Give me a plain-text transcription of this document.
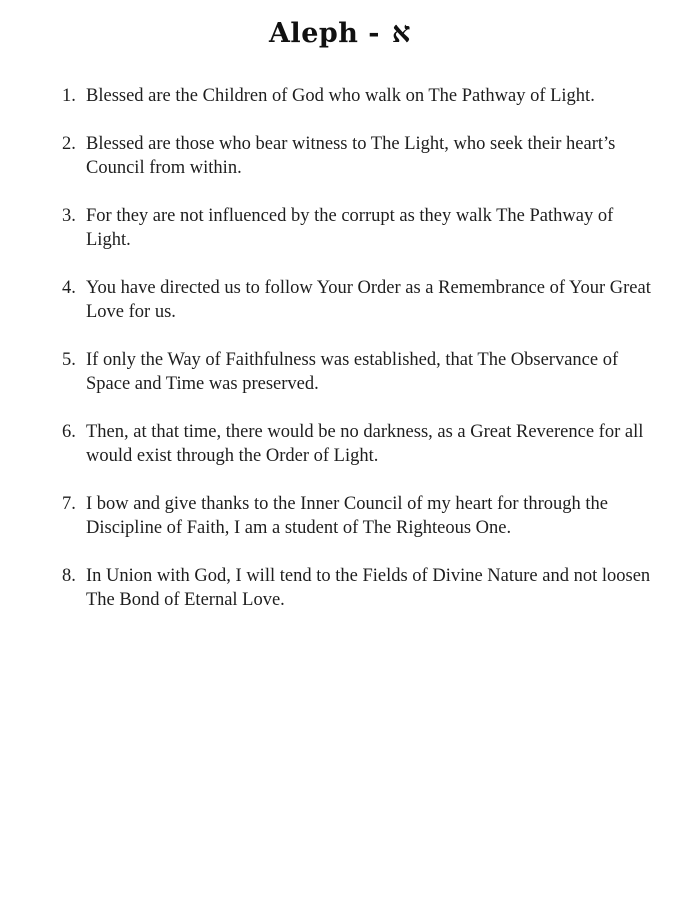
Aleph - א
1. Blessed are the Children of God who walk on The Pathway of Light.
2. Blessed are those who bear witness to The Light, who seek their heart’s Council from within.
3. For they are not influenced by the corrupt as they walk The Pathway of Light.
4. You have directed us to follow Your Order as a Remembrance of Your Great Love for us.
5. If only the Way of Faithfulness was established, that The Observance of Space and Time was preserved.
6. Then, at that time, there would be no darkness, as a Great Reverence for all would exist through the Order of Light.
7. I bow and give thanks to the Inner Council of my heart for through the Discipline of Faith, I am a student of The Righteous One.
8. In Union with God, I will tend to the Fields of Divine Nature and not loosen The Bond of Eternal Love.
